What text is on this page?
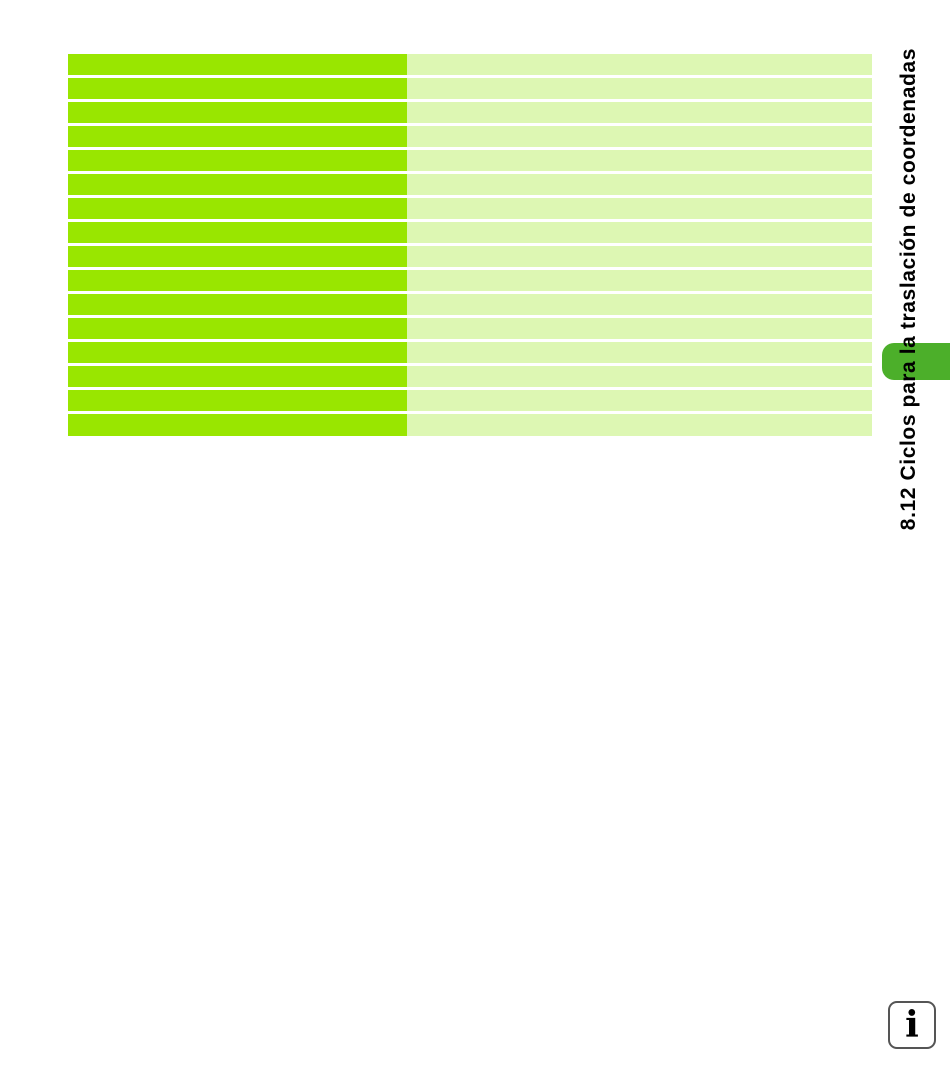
8.12 Ciclos para la traslación de coordenadas
i
